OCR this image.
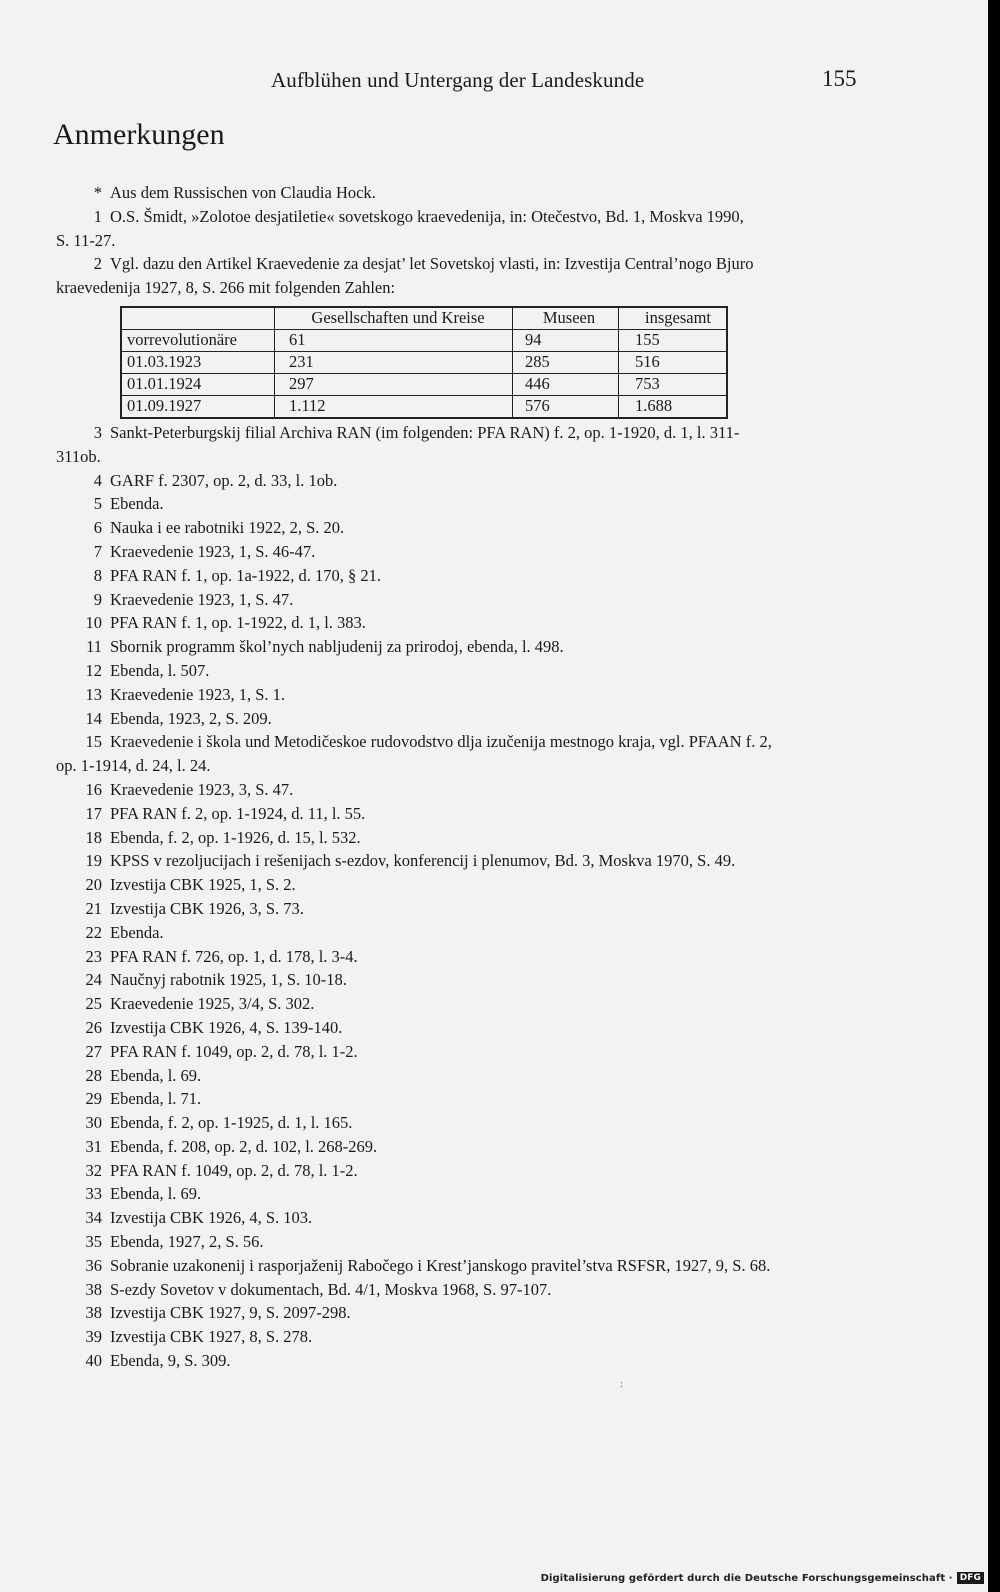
Aufblühen und Untergang der Landeskunde	155
Anmerkungen
* Aus dem Russischen von Claudia Hock.
1 O.S. Šmidt, »Zolotoe desjatiletie« sovetskogo kraevedenija, in: Otečestvo, Bd. 1, Moskva 1990,
S. 11-27.
2 Vgl. dazu den Artikel Kraevedenie za desjat’ let Sovetskoj vlasti, in: Izvestija Central’nogo Bjuro
kraevedenija 1927, 8, S. 266 mit folgenden Zahlen:
	Gesellschaften und Kreise	Museen	insgesamt
vorrevolutionäre	61	94	155
01.03.1923	231	285	516
01.01.1924	297	446	753
01.09.1927	1.112	576	1.688
3 Sankt-Peterburgskij filial Archiva RAN (im folgenden: PFA RAN) f. 2, op. 1-1920, d. 1, l. 311-
311ob.
4 GARF f. 2307, op. 2, d. 33, l. 1ob.
5 Ebenda.
6 Nauka i ee rabotniki 1922, 2, S. 20.
7 Kraevedenie 1923, 1, S. 46-47.
8 PFA RAN f. 1, op. 1a-1922, d. 170, § 21.
9 Kraevedenie 1923, 1, S. 47.
10 PFA RAN f. 1, op. 1-1922, d. 1, l. 383.
11 Sbornik programm škol’nych nabljudenij za prirodoj, ebenda, l. 498.
12 Ebenda, l. 507.
13 Kraevedenie 1923, 1, S. 1.
14 Ebenda, 1923, 2, S. 209.
15 Kraevedenie i škola und Metodičeskoe rudovodstvo dlja izučenija mestnogo kraja, vgl. PFAAN f. 2,
op. 1-1914, d. 24, l. 24.
16 Kraevedenie 1923, 3, S. 47.
17 PFA RAN f. 2, op. 1-1924, d. 11, l. 55.
18 Ebenda, f. 2, op. 1-1926, d. 15, l. 532.
19 KPSS v rezoljucijach i rešenijach s-ezdov, konferencij i plenumov, Bd. 3, Moskva 1970, S. 49.
20 Izvestija CBK 1925, 1, S. 2.
21 Izvestija CBK 1926, 3, S. 73.
22 Ebenda.
23 PFA RAN f. 726, op. 1, d. 178, l. 3-4.
24 Naučnyj rabotnik 1925, 1, S. 10-18.
25 Kraevedenie 1925, 3/4, S. 302.
26 Izvestija CBK 1926, 4, S. 139-140.
27 PFA RAN f. 1049, op. 2, d. 78, l. 1-2.
28 Ebenda, l. 69.
29 Ebenda, l. 71.
30 Ebenda, f. 2, op. 1-1925, d. 1, l. 165.
31 Ebenda, f. 208, op. 2, d. 102, l. 268-269.
32 PFA RAN f. 1049, op. 2, d. 78, l. 1-2.
33 Ebenda, l. 69.
34 Izvestija CBK 1926, 4, S. 103.
35 Ebenda, 1927, 2, S. 56.
36 Sobranie uzakonenij i rasporjaženij Rabočego i Krest’janskogo pravitel’stva RSFSR, 1927, 9, S. 68.
38 S-ezdy Sovetov v dokumentach, Bd. 4/1, Moskva 1968, S. 97-107.
38 Izvestija CBK 1927, 9, S. 2097-298.
39 Izvestija CBK 1927, 8, S. 278.
40 Ebenda, 9, S. 309.
:
Digitalisierung gefördert durch die Deutsche Forschungsgemeinschaft · DFG
